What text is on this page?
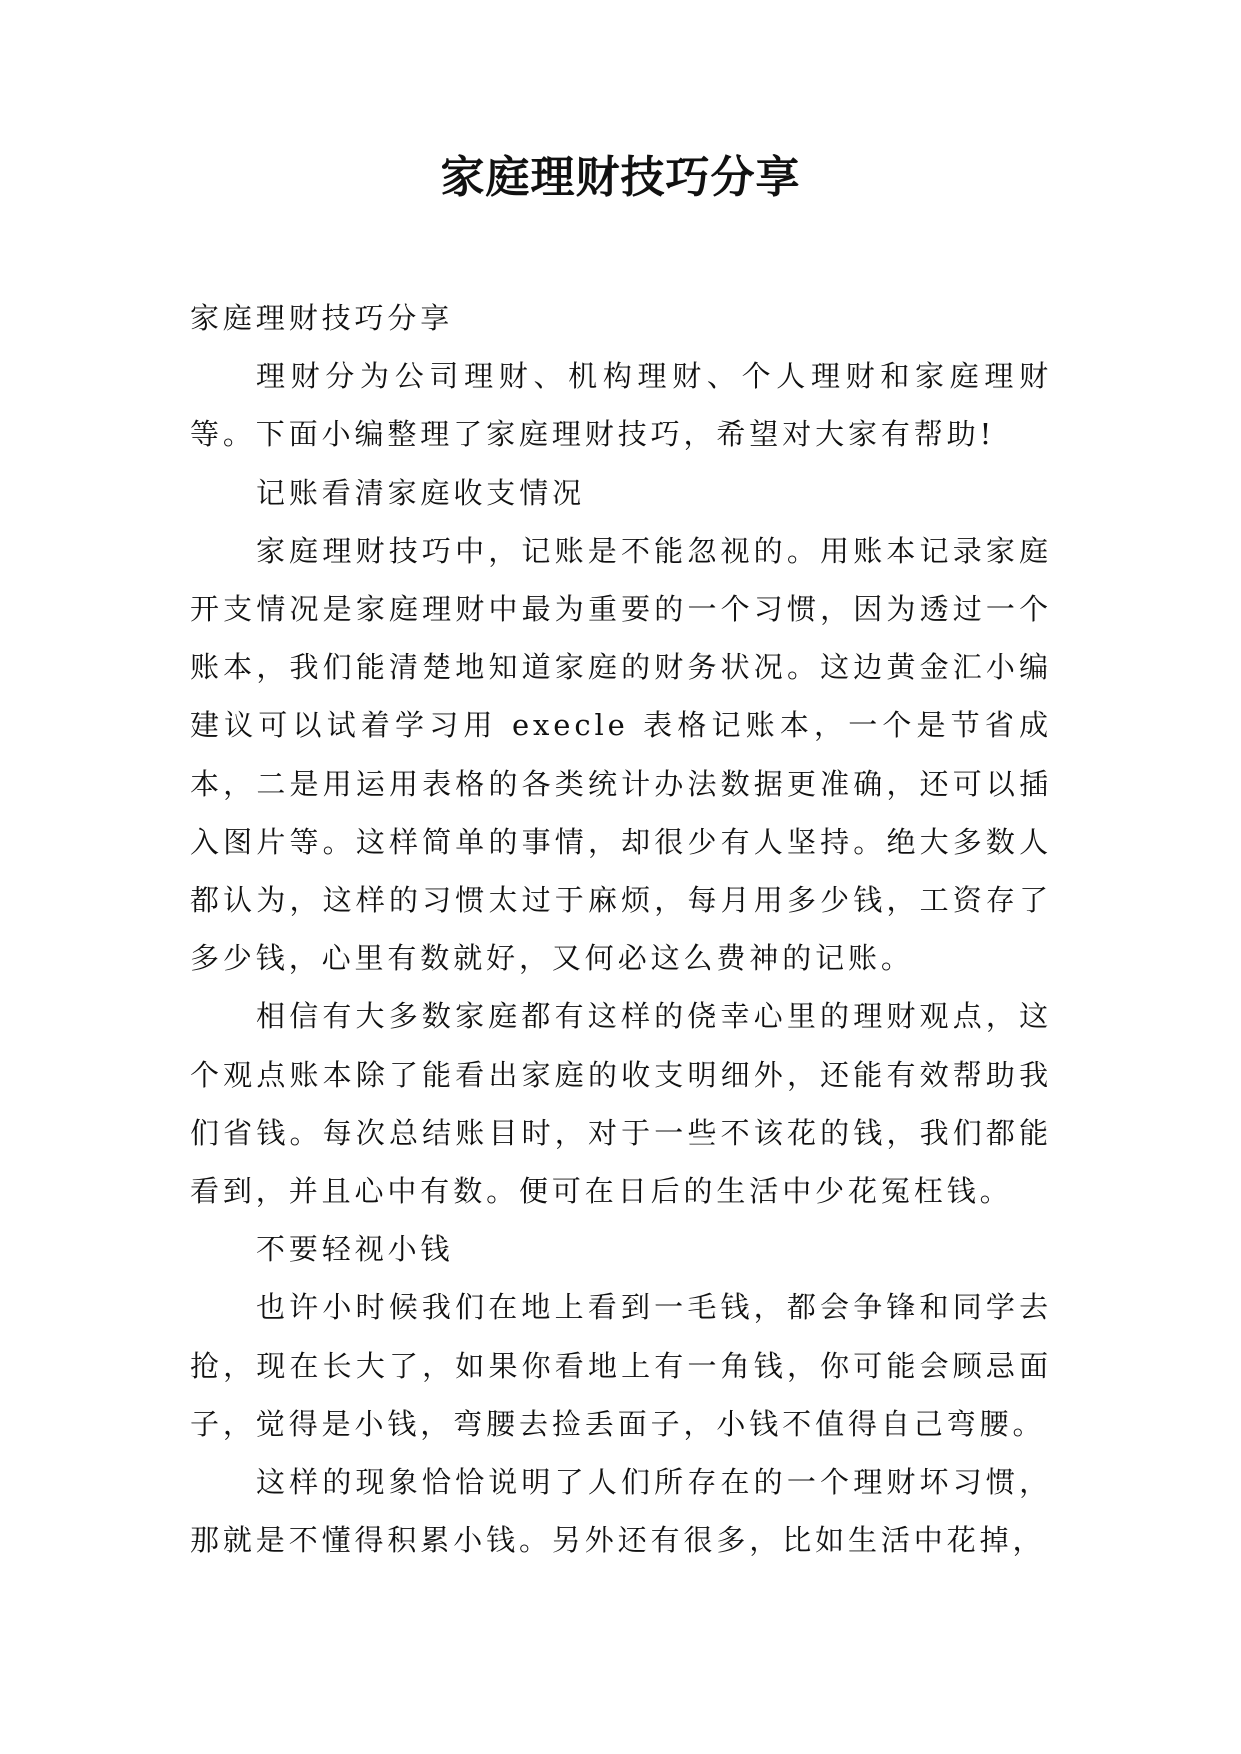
家庭理财技巧分享

家庭理财技巧分享

理财分为公司理财、机构理财、个人理财和家庭理财等。下面小编整理了家庭理财技巧，希望对大家有帮助!

记账看清家庭收支情况

家庭理财技巧中，记账是不能忽视的。用账本记录家庭开支情况是家庭理财中最为重要的一个习惯，因为透过一个账本，我们能清楚地知道家庭的财务状况。这边黄金汇小编建议可以试着学习用 execle 表格记账本，一个是节省成本，二是用运用表格的各类统计办法数据更准确，还可以插入图片等。这样简单的事情，却很少有人坚持。绝大多数人都认为，这样的习惯太过于麻烦，每月用多少钱，工资存了多少钱，心里有数就好，又何必这么费神的记账。

相信有大多数家庭都有这样的侥幸心里的理财观点，这个观点账本除了能看出家庭的收支明细外，还能有效帮助我们省钱。每次总结账目时，对于一些不该花的钱，我们都能看到，并且心中有数。便可在日后的生活中少花冤枉钱。

不要轻视小钱

也许小时候我们在地上看到一毛钱，都会争锋和同学去抢，现在长大了，如果你看地上有一角钱，你可能会顾忌面子，觉得是小钱，弯腰去捡丢面子，小钱不值得自己弯腰。

这样的现象恰恰说明了人们所存在的一个理财坏习惯，那就是不懂得积累小钱。另外还有很多，比如生活中花掉，
